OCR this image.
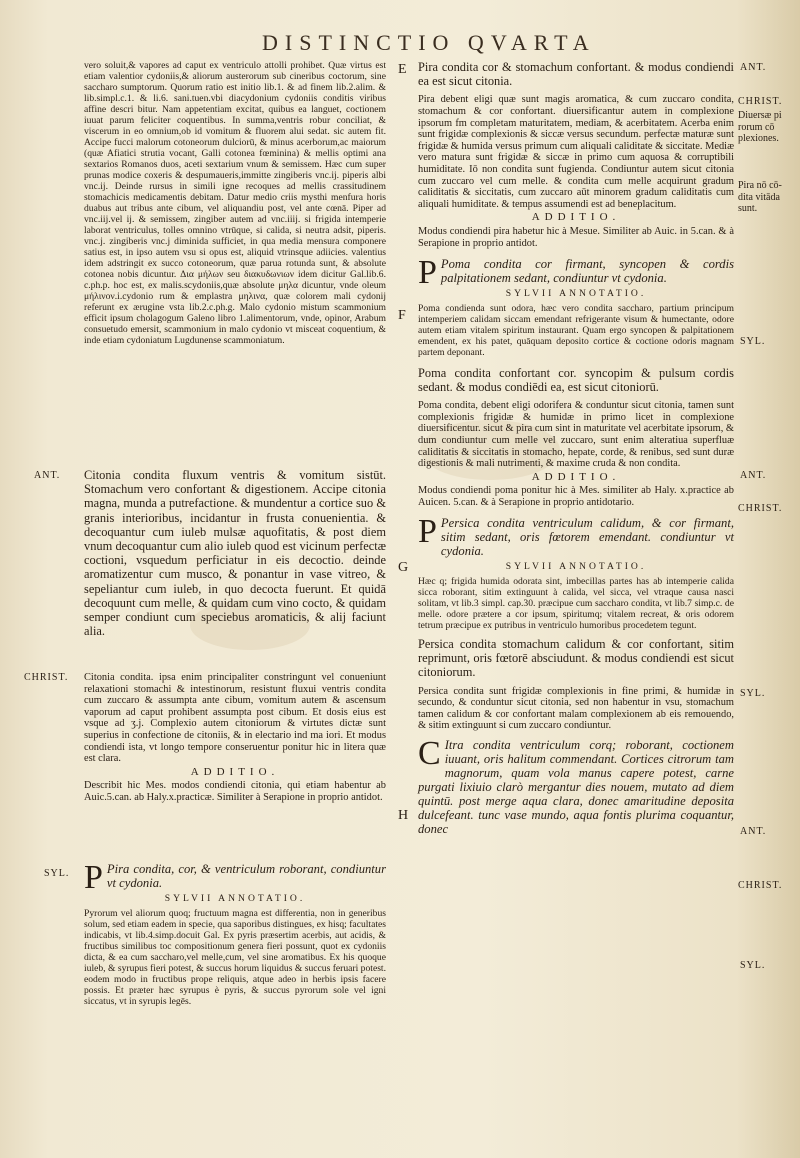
DISTINCTIO QVARTA

vero soluit,& vapores ad caput ex ventriculo attolli prohibet. Quæ virtus est etiam valentior cydoniis,& aliorum austerorum sub cineribus coctorum, sine saccharo sumptorum. Quorum ratio est initio lib.1. & ad finem lib.2.alim. & lib.simpl.c.1. & li.6. sani.tuen.vbi diacydonium cydoniis conditis viribus affine descri bitur. Nam appetentiam excitat, quibus ea languet, coctionem iuuat parum feliciter coquentibus. In summa,ventris robur conciliat, & viscerum in eo omnium,ob id vomitum & fluorem alui sedat. sic autem fit. Accipe fucci malorum cotoneorum dulciorū, & minus acerborum,ac maiorum (quæ Afiatici strutia vocant, Galli cotonea fœminina) & mellis optimi ana sextarios Romanos duos, aceti sextarium vnum & semissem. Hæc cum super prunas modice coxeris & despumaueris,immitte zingiberis vnc.ij. piperis albi vnc.ij. Deinde rursus in simili igne recoques ad mellis crassitudinem stomachicis medicamentis debitam. Datur medio criis mysthi menfura horis duabus aut tribus ante cibum, vel aliquandiu post, vel ante cœnā. Piper ad vnc.iij.vel ij. & semissem, zingiber autem ad vnc.iiij. si frigida intemperie laborat ventriculus, tolles omnino vtrūque, si calida, si neutra adsit, piperis. vnc.j. zingiberis vnc.j diminida sufficiet, in qua media mensura componere satius est, in ipso autem vsu si opus est, aliquid vtrinsque adiicies. valentius idem adstringit ex succo cotoneorum, quæ parua rotunda sunt, & absolute cotonea nobis dicuntur. Δια μήλων seu διακυδωνιων idem dicitur Gal.lib.6. c.ph.p. hoc est, ex malis.scydoniis,quæ absolute μηλα dicuntur, vnde oleum μήλινον.i.cydonio rum & emplastra μηλινα, quæ colorem mali cydonij referunt ex ærugine vsta lib.2.c.ph.g. Malo cydonio mistum scammonium efficit ipsum cholagogum Galeno libro 1.alimentorum, vnde, opinor, Arabum consuetudo emersit, scammonium in malo cydonio vt misceat coquentium, & inde etiam cydoniatum Lugdunense scammoniatum.

Citonia condita fluxum ventris & vomitum sistūt. Stomachum vero confortant & digestionem. Accipe citonia magna, munda a putrefactione. & mundentur a cortice suo & granis interioribus, incidantur in frusta conuenientia. & decoquantur cum iuleb mulsæ aquofitatis, & post diem vnum decoquantur cum alio iuleb quod est vicinum perfectæ coctioni, vsquedum perficiatur in eis decoctio. deinde aromatizentur cum musco, & ponantur in vase vitreo, & sepeliantur cum iuleb, in quo decocta fuerunt. Et quidā decoquunt cum melle, & quidam cum vino cocto, & quidam semper condiunt cum speciebus aromaticis, & alij faciunt alia.

Citonia condita. ipsa enim principaliter constringunt vel conueniunt relaxationi stomachi & intestinorum, resistunt fluxui ventris condita cum zuccaro & assumpta ante cibum, vomitum autem & ascensum vaporum ad caput prohibent assumpta post cibum. Et dosis eius est vsque ad ʒ.j. Complexio autem citoniorum & virtutes dictæ sunt superius in confectione de citoniis, & in electario ind ma iori. Et modus condiendi ista, vt longo tempore conseruentur ponitur hic in litera quæ est clara.

ADDITIO.

Describit hic Mes. modos condiendi citonia, qui etiam habentur ab Auic.5.can. ab Haly.x.practicæ. Similiter à Serapione in proprio antidot.

P Pira condita, cor, & ventriculum roborant, condiuntur vt cydonia.

SYLVII ANNOTATIO.

Pyrorum vel aliorum quoq; fructuum magna est differentia, non in generibus solum, sed etiam eadem in specie, qua saporibus distingues, ex hisq; facultates indicabis, vt lib.4.simp.docuit Gal. Ex pyris præsertim acerbis, aut acidis, & fructibus similibus toc compositionum genera fieri possunt, quot ex cydoniis dicta, & ea cum saccharo,vel melle,cum, vel sine aromatibus. Ex his quoque iuleb, & syrupus fieri potest, & succus horum liquidus & succus feruari potest. eodem modo in fructibus prope reliquis, atque adeo in herbis ipsis facere possis. Et præter hæc syrupus è pyris, & succus pyrorum sole vel igni siccatus, vt in syrupis legēs.

Pira condita cor & stomachum confortant. & modus condiendi ea est sicut citonia.

Pira debent eligi quæ sunt magis aromatica, & cum zuccaro condita, stomachum & cor confortant. diuersificantur autem in complexione ipsorum fm completam maturitatem, mediam, & acerbitatem. Acerba enim sunt frigidæ complexionis & siccæ versus secundum. perfectæ maturæ sunt frigidæ & humida versus primum cum aliquali caliditate & siccitate. Mediæ vero matura sunt frigidæ & siccæ in primo cum aquosa & corruptibili humiditate. Iō non condita sunt fugienda. Condiuntur autem sicut citonia cum zuccaro vel cum melle. & condita cum melle acquirunt gradum caliditatis & siccitatis, cum zuccaro aūt minorem gradum caliditatis cum aliquali humiditate. & tempus assumendi est ad beneplacitum.

ADDITIO.

Modus condiendi pira habetur hic à Mesue. Similiter ab Auic. in 5.can. & à Serapione in proprio antidot.

P Poma condita cor firmant, syncopen & cordis palpitationem sedant, condiuntur vt cydonia.

SYLVII ANNOTATIO.

Poma condienda sunt odora, hæc vero condita saccharo, partium principum intemperiem calidam siccam emendant refrigerante visum & humectante, odore autem etiam vitalem spiritum instaurant. Quam ergo syncopen & palpitationem emendent, ex his patet, quāquam deposito cortice & coctione odoris magnam partem deponant.

Poma condita confortant cor. syncopim & pulsum cordis sedant. & modus condiēdi ea, est sicut citoniorū.

Poma condita, debent eligi odorifera & conduntur sicut citonia, tamen sunt complexionis frigidæ & humidæ in primo licet in complexione diuersificentur. sicut & pira cum sint in maturitate vel acerbitate ipsorum, & dum condiuntur cum melle vel zuccaro, sunt enim alteratiua superfluæ caliditatis & siccitatis in stomacho, hepate, corde, & renibus, sed sunt duræ digestionis & mali nutrimenti, & maxime cruda & non condita.

ADDITIO.

Modus condiendi poma ponitur hic à Mes. similiter ab Haly. x.practice ab Auicen. 5.can. & à Serapione in proprio antidotario.

P Persica condita ventriculum calidum, & cor firmant, sitim sedant, oris fœtorem emendant. condiuntur vt cydonia.

SYLVII ANNOTATIO.

Hæc q; frigida humida odorata sint, imbecillas partes has ab intemperie calida sicca roborant, sitim extinguunt à calida, vel sicca, vel vtraque causa nasci solitam, vt lib.3 simpl. cap.30. præcipue cum saccharo condita, vt lib.7 simp.c. de melle. odore prætere a cor ipsum, spiritumq; vitalem recreat, & oris odorem tetrum præcipue ex putribus in ventriculo humoribus procedetem tegunt.

Persica condita stomachum calidum & cor confortant, sitim reprimunt, oris fœtorē absciudunt. & modus condiendi est sicut citoniorum.

Persica condita sunt frigidæ complexionis in fine primi, & humidæ in secundo, & conduntur sicut citonia, sed non habentur in vsu, stomachum tamen calidum & cor confortant malam complexionem ab eis remouendo, & sitim extinguunt si cum zuccaro condiuntur.

C Itra condita ventriculum corq; roborant, coctionem iuuant, oris halitum commendant. Cortices citrorum tam magnorum, quam vola manus capere potest, carne purgati lixiuio clarò mergantur dies nouem, mutato ad diem quintū. post merge aqua clara, donec amaritudine deposita dulcefeant. tunc vase mundo, aqua fontis plurima coquantur, donec

E
F
G
H
ANT.
CHRIST.
SYL.
ANT.
CHRIST.
Diuersæ pi rorum cō plexiones.
Pira nō cō-dita vitāda sunt.
SYL.
ANT.
CHRIST.
SYL.
ANT.
CHRIST.
SYL.
